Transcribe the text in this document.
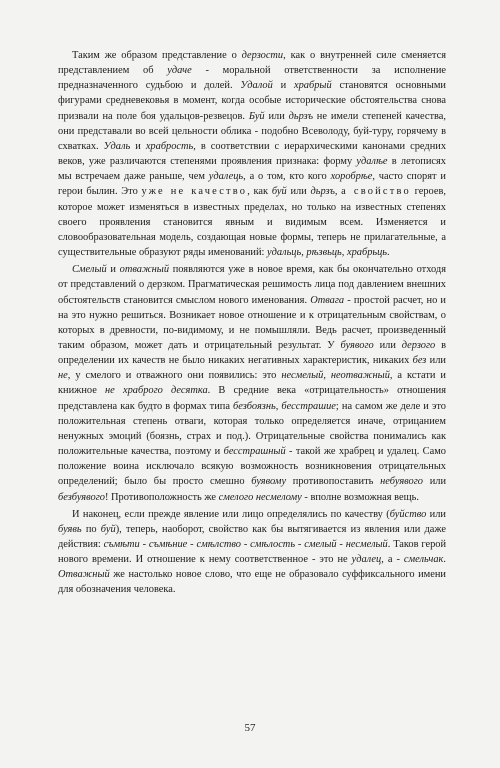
Таким же образом представление о дерзости, как о внутренней силе сменяется представлением об удаче - моральной ответственности за исполнение предназначенного судьбою и долей. Удалой и храбрый становятся основными фигурами средневековья в момент, когда особые исторические обстоятельства снова призвали на поле боя удальцов-резвецов. Буй или дьрзъ не имели степеней качества, они представали во всей цельности облика - подобно Всеволоду, буй-туру, горячему в схватках. Удаль и храбрость, в соответствии с иерархическими канонами средних веков, уже различаются степенями проявления признака: форму удалѣе в летописях мы встречаем даже раньше, чем удалець, а о том, кто кого хоробрѣе, часто спорят и герои былин. Это уже не качество, как буй или дьрзъ, а свойство героев, которое может изменяться в известных пределах, но только на известных степенях своего проявления становится явным и видимым всем. Изменяется и словообразовательная модель, создающая новые формы, теперь не прилагательные, а существительные образуют ряды именований: удальць, рѣзвьць, храбрьць.

Смелый и отважный появляются уже в новое время, как бы окончательно отходя от представлений о дерзком. Прагматическая решимость лица под давлением внешних обстоятельств становится смыслом нового именования. Отвага - простой расчет, но и на это нужно решиться. Возникает новое отношение и к отрицательным свойствам, о которых в древности, по-видимому, и не помышляли. Ведь расчет, произведенный таким образом, может дать и отрицательный результат. У буявого или дерзого в определении их качеств не было никаких негативных характеристик, никаких без или не, у смелого и отважного они появились: это несмелый, неотважный, а кстати и книжное не храброго десятка. В средние века «отрицательность» отношения представлена как будто в формах типа безбоязнь, бесстрашие; на самом же деле и это положительная степень отваги, которая только определяется иначе, отрицанием ненужных эмоций (боязнь, страх и под.). Отрицательные свойства понимались как положительные качества, поэтому и бесстрашный - такой же храбрец и удалец. Само положение воина исключало всякую возможность возникновения отрицательных определений; было бы просто смешно буявому противопоставить небуявого или безбуявого! Противоположность же смелого несмелому - вполне возможная вещь.

И наконец, если прежде явление или лицо определялись по качеству (буйство или буявь по буй), теперь, наоборот, свойство как бы вытягивается из явления или даже действия: съмѣти - съмѣние - смѣлство - смѣлость - смелый - несмелый. Таков герой нового времени. И отношение к нему соответственное - это не удалец, а - смельчак. Отважный же настолько новое слово, что еще не образовало суффиксального имени для обозначения человека.

57
